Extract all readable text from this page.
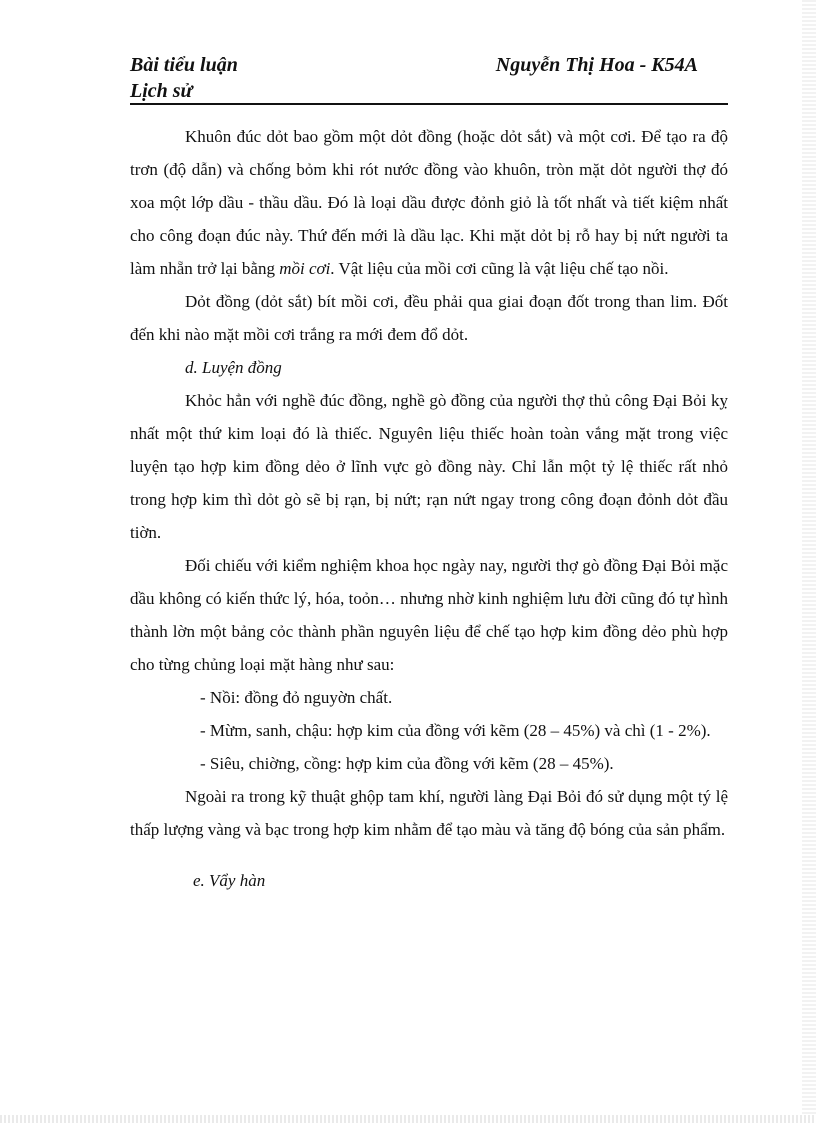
Bài tiểu luận	Nguyễn Thị Hoa - K54A
Lịch sử

Khuôn đúc dỏt bao gồm một dỏt đồng (hoặc dỏt sắt) và một cơi. Để tạo ra độ trơn (độ dẫn) và chống bỏm khi rót nước đồng vào khuôn, tròn mặt dỏt người thợ đó xoa một lớp dầu - thầu dầu. Đó là loại dầu được đỏnh giỏ là tốt nhất và tiết kiệm nhất cho công đoạn đúc này. Thứ đến mới là dầu lạc. Khi mặt dỏt bị rỗ hay bị nứt người ta làm nhẵn trở lại bằng mồi cơi. Vật liệu của mồi cơi cũng là vật liệu chế tạo nồi.

Dỏt đồng (dỏt sắt) bít mồi cơi, đều phải qua giai đoạn đốt trong than lim. Đốt đến khi nào mặt mồi cơi trắng ra mới đem đổ dỏt.

d. Luyện đồng

Khỏc hẳn với nghề đúc đồng, nghề gò đồng của người thợ thủ công Đại Bỏi kỵ nhất một thứ kim loại đó là thiếc. Nguyên liệu thiếc hoàn toàn vắng mặt trong việc luyện tạo hợp kim đồng dẻo ở lĩnh vực gò đồng này. Chỉ lẫn một tỷ lệ thiếc rất nhỏ trong hợp kim thì dỏt gò sẽ bị rạn, bị nứt; rạn nứt ngay trong công đoạn đỏnh dỏt đầu tiờn.

Đối chiếu với kiểm nghiệm khoa học ngày nay, người thợ gò đồng Đại Bỏi mặc dầu không có kiến thức lý, hóa, toỏn… nhưng nhờ kinh nghiệm lưu đời cũng đó tự hình thành lờn một bảng cỏc thành phần nguyên liệu để chế tạo hợp kim đồng dẻo phù hợp cho từng chủng loại mặt hàng như sau:

- Nồi: đồng đỏ nguyờn chất.

- Mừm, sanh, chậu: hợp kim của đồng với kẽm (28 – 45%) và chì (1 - 2%).

- Siêu, chiờng, cồng: hợp kim của đồng với kẽm (28 – 45%).

Ngoài ra trong kỹ thuật ghộp tam khí, người làng Đại Bỏi đó sử dụng một tý lệ thấp lượng vàng và bạc trong hợp kim nhằm để tạo màu và tăng độ bóng của sản phẩm.

e. Vẩy hàn
